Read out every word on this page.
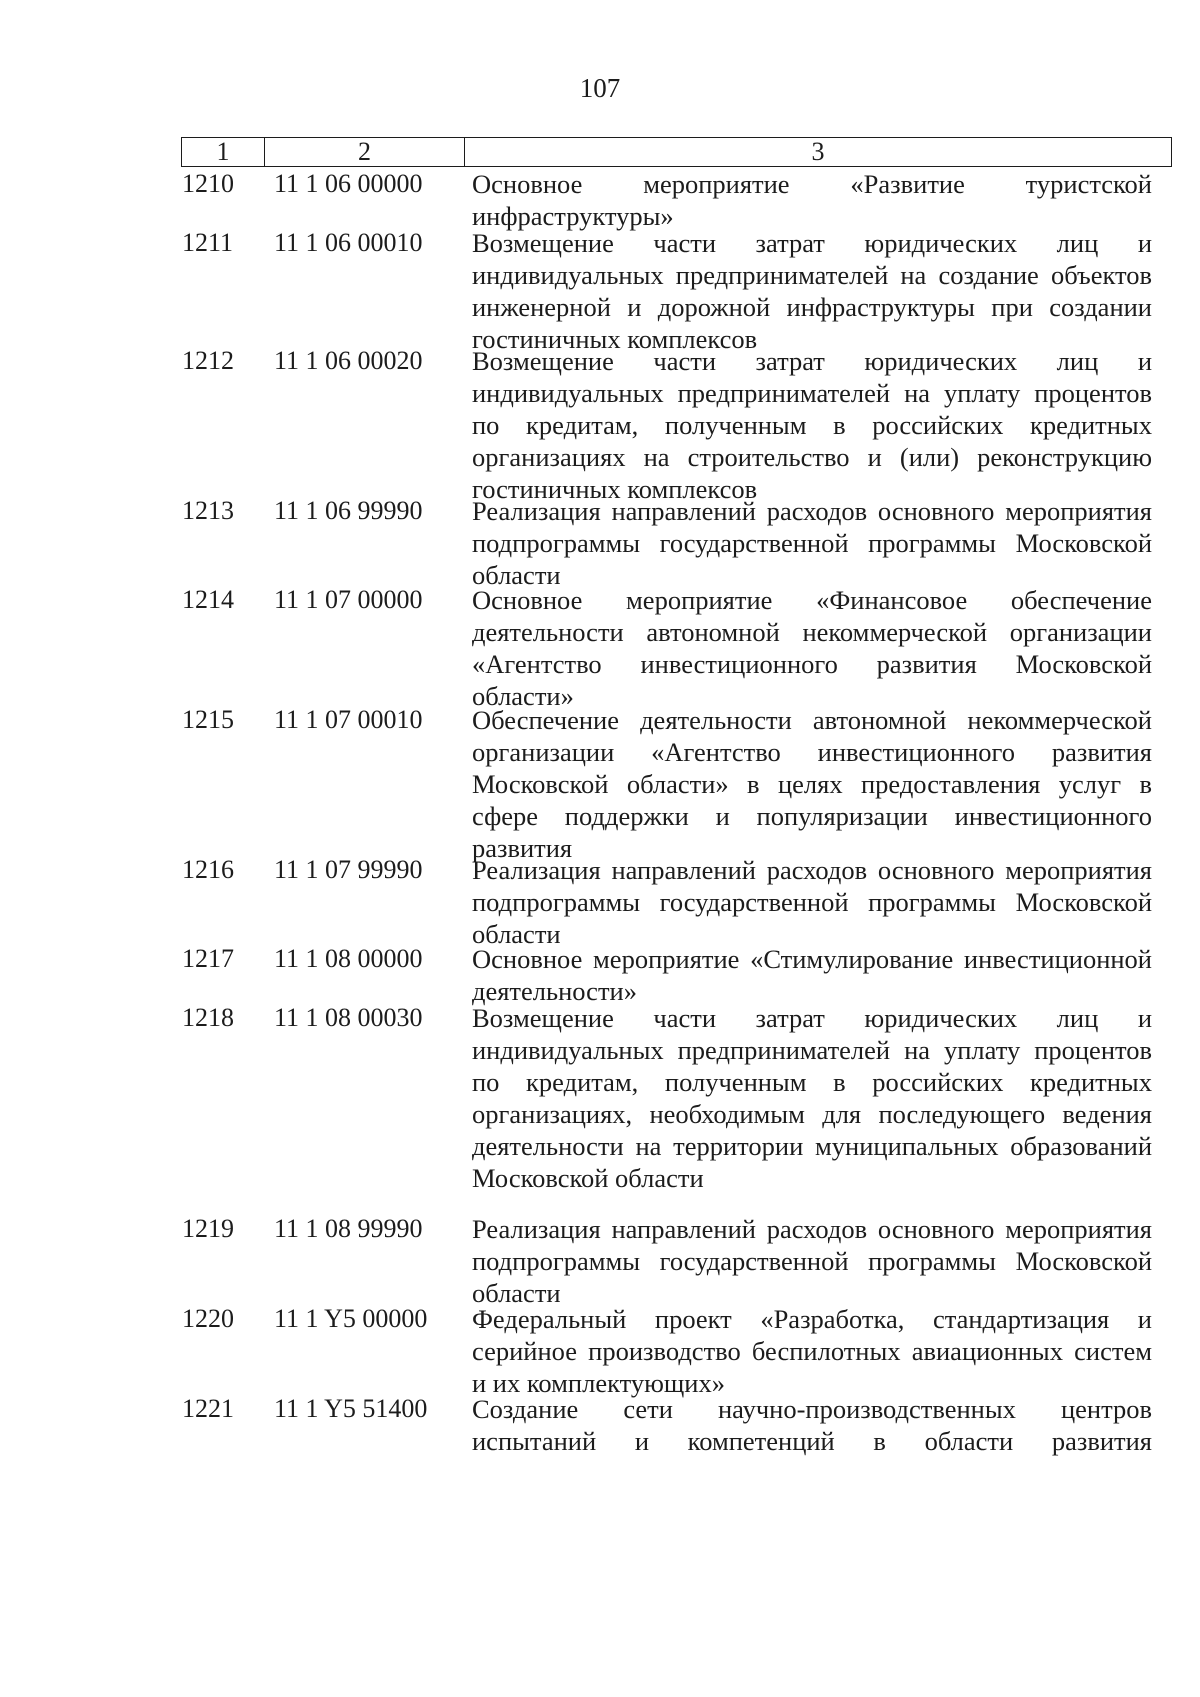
107
1	2	3
1210	11 1 06 00000	Основное мероприятие «Развитие туристской инфраструктуры»
1211	11 1 06 00010	Возмещение части затрат юридических лиц и индивидуальных предпринимателей на создание объектов инженерной и дорожной инфраструктуры при создании гостиничных комплексов
1212	11 1 06 00020	Возмещение части затрат юридических лиц и индивидуальных предпринимателей на уплату процентов по кредитам, полученным в российских кредитных организациях на строительство и (или) реконструкцию гостиничных комплексов
1213	11 1 06 99990	Реализация направлений расходов основного мероприятия подпрограммы государственной программы Московской области
1214	11 1 07 00000	Основное мероприятие «Финансовое обеспечение деятельности автономной некоммерческой организации «Агентство инвестиционного развития Московской области»
1215	11 1 07 00010	Обеспечение деятельности автономной некоммерческой организации «Агентство инвестиционного развития Московской области» в целях предоставления услуг в сфере поддержки и популяризации инвестиционного развития
1216	11 1 07 99990	Реализация направлений расходов основного мероприятия подпрограммы государственной программы Московской области
1217	11 1 08 00000	Основное мероприятие «Стимулирование инвестиционной деятельности»
1218	11 1 08 00030	Возмещение части затрат юридических лиц и индивидуальных предпринимателей на уплату процентов по кредитам, полученным в российских кредитных организациях, необходимым для последующего ведения деятельности на территории муниципальных образований Московской области
1219	11 1 08 99990	Реализация направлений расходов основного мероприятия подпрограммы государственной программы Московской области
1220	11 1 Y5 00000	Федеральный проект «Разработка, стандартизация и серийное производство беспилотных авиационных систем и их комплектующих»
1221	11 1 Y5 51400	Создание сети научно-производственных центров испытаний и компетенций в области развития
